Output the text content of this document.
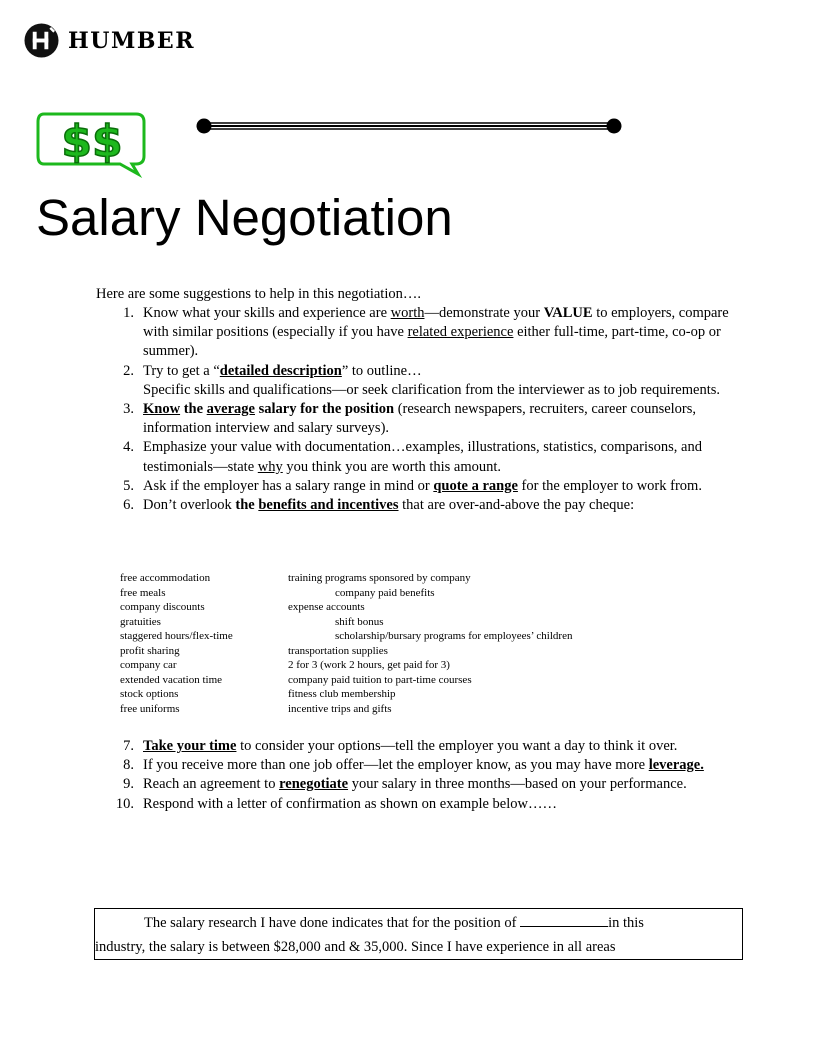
HUMBER
$$
Salary Negotiation

Here are some suggestions to help in this negotiation….

1. Know what your skills and experience are worth—demonstrate your VALUE to employers, compare with similar positions (especially if you have related experience either full-time, part-time, co-op or summer).
2. Try to get a “detailed description” to outline…
Specific skills and qualifications—or seek clarification from the interviewer as to job requirements.
3. Know the average salary for the position (research newspapers, recruiters, career counselors, information interview and salary surveys).
4. Emphasize your value with documentation…examples, illustrations, statistics, comparisons, and testimonials—state why you think you are worth this amount.
5. Ask if the employer has a salary range in mind or quote a range for the employer to work from.
6. Don’t overlook the benefits and incentives that are over-and-above the pay cheque:
free accommodation	training programs sponsored by company
free meals	company paid benefits
company discounts	expense accounts
gratuities	shift bonus
staggered hours/flex-time	scholarship/bursary programs for employees’ children
profit sharing	transportation supplies
company car	2 for 3 (work 2 hours, get paid for 3)
extended vacation time	company paid tuition to part-time courses
stock options	fitness club membership
free uniforms	incentive trips and gifts
7. Take your time to consider your options—tell the employer you want a day to think it over.
8. If you receive more than one job offer—let the employer know, as you may have more leverage.
9. Reach an agreement to renegotiate your salary in three months—based on your performance.
10. Respond with a letter of confirmation as shown on example below……

The salary research I have done indicates that for the position of	in this

industry, the salary is between $28,000 and & 35,000. Since I have experience in all areas
